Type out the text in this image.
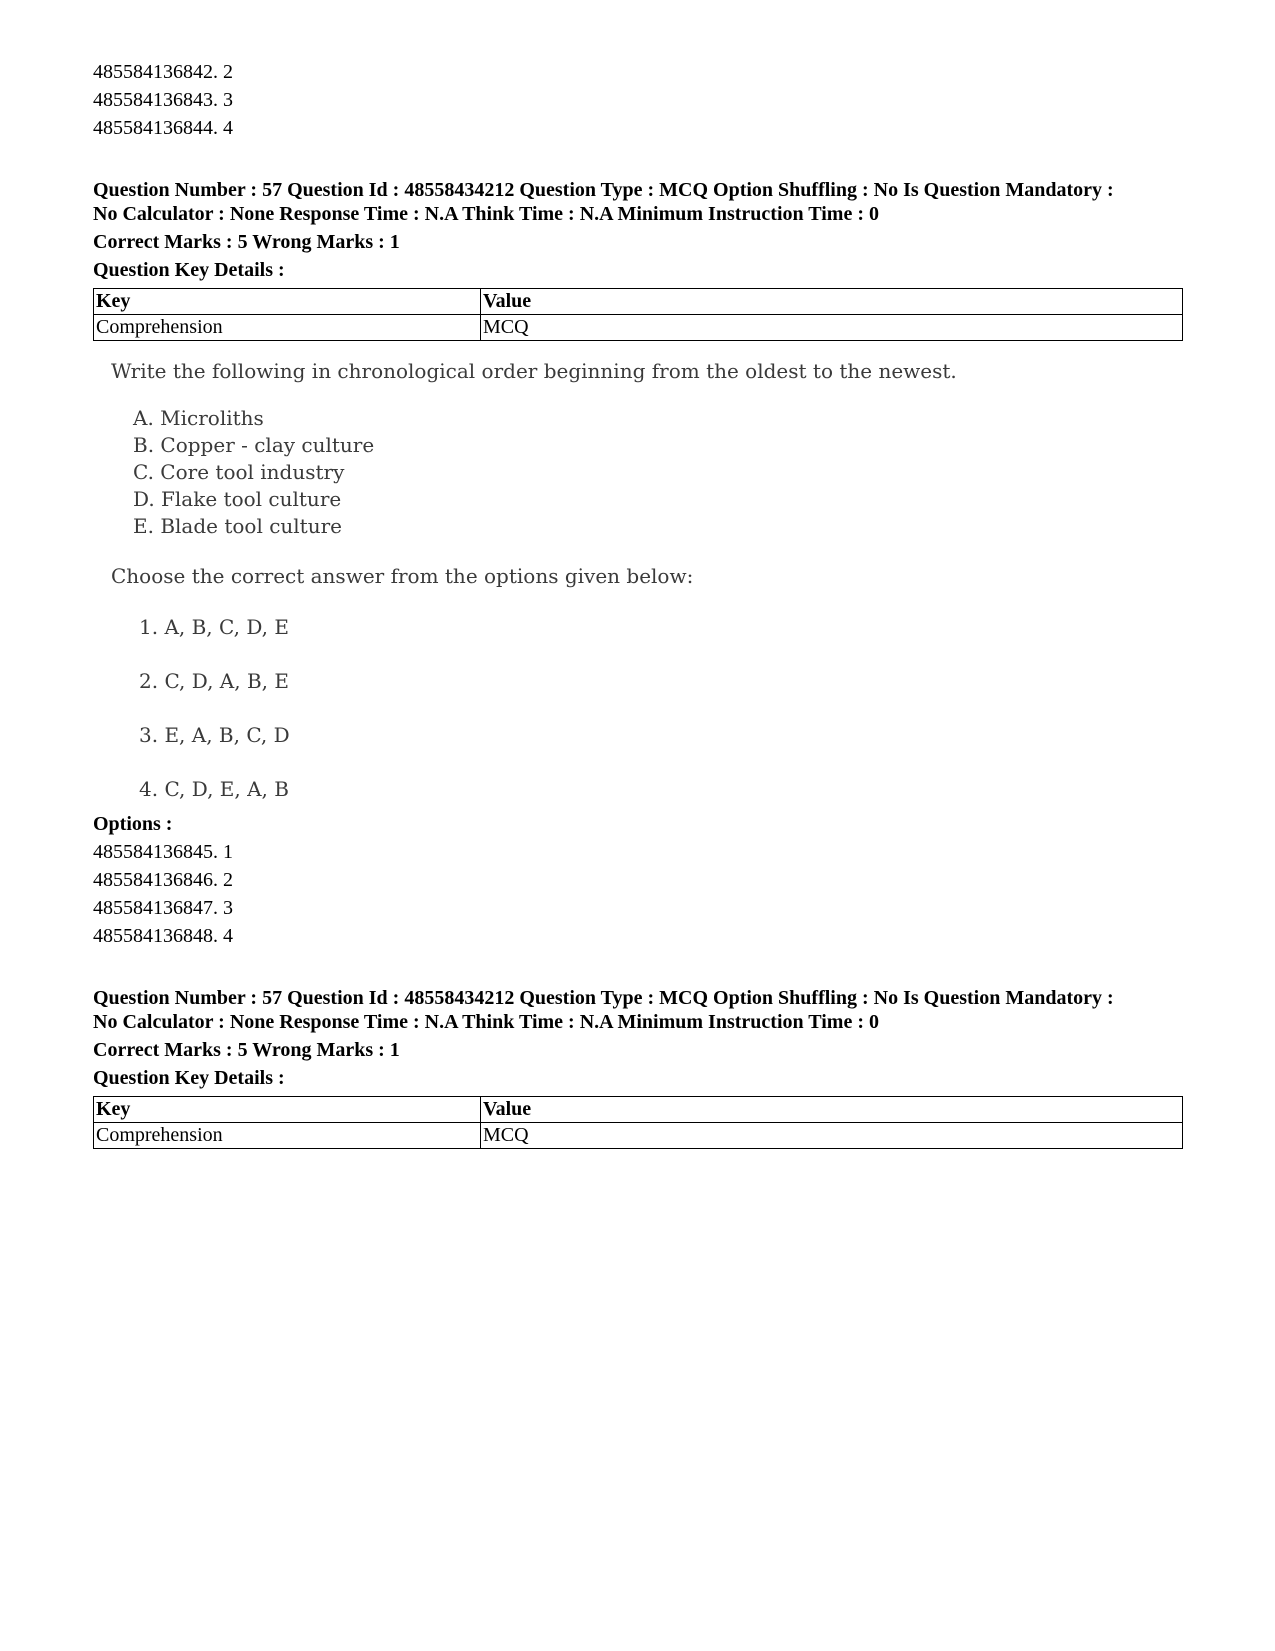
485584136842. 2
485584136843. 3
485584136844. 4
Question Number : 57 Question Id : 48558434212 Question Type : MCQ Option Shuffling : No Is Question Mandatory :
No Calculator : None Response Time : N.A Think Time : N.A Minimum Instruction Time : 0
Correct Marks : 5 Wrong Marks : 1
Question Key Details :
Key	Value
Comprehension	MCQ
Write the following in chronological order beginning from the oldest to the newest.
A. Microliths
B. Copper - clay culture
C. Core tool industry
D. Flake tool culture
E. Blade tool culture
Choose the correct answer from the options given below:
1. A, B, C, D, E
2. C, D, A, B, E
3. E, A, B, C, D
4. C, D, E, A, B
Options :
485584136845. 1
485584136846. 2
485584136847. 3
485584136848. 4
Question Number : 57 Question Id : 48558434212 Question Type : MCQ Option Shuffling : No Is Question Mandatory :
No Calculator : None Response Time : N.A Think Time : N.A Minimum Instruction Time : 0
Correct Marks : 5 Wrong Marks : 1
Question Key Details :
Key	Value
Comprehension	MCQ
